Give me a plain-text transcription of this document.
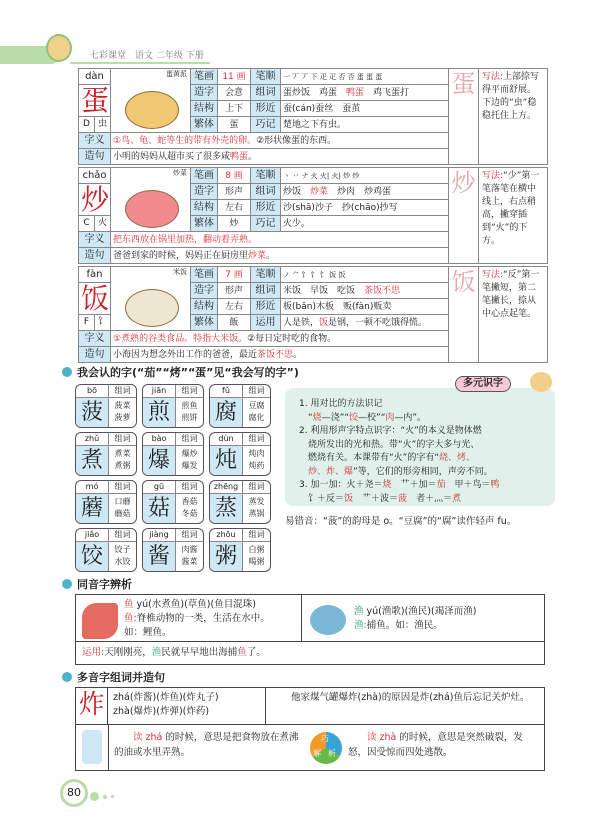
七彩课堂　语文 二年级 下册
dàn	蛋黄派	笔画	11 画	笔顺	一 丆 丆 下 疋 疋 否 否 蛋 蛋 蛋	蛋	写法:上部捺写得平而舒展。下边的“虫”稳稳托住上方。
蛋		造字	会意	组词	蛋炒饭　鸡蛋　鸭蛋　鸡飞蛋打		
		结构	上下	形近	蚕(cán)蚕丝　蚕茧		

D 虫		繁体	蛋	巧记	楚地之下有虫。		
字义	①鸟、龟、蛇等生的带有外壳的卵。②形状像蛋的东西。						
造句	小明的妈妈从超市买了很多咸鸭蛋。						
chǎo	炒菜	笔画	8 画	笔顺	丶 丷 ナ 火 火| 火| 炒 炒	炒	写法:“少”第一笔落笔在横中线上，右点稍高，撇穿插到“火”的下方。
炒		造字	形声	组词	炒饭　炒菜　炒肉　炒鸡蛋		
		结构	左右	形近	沙(shā)沙子　抄(chāo)抄写		

C 火		繁体	炒	巧记	火少。		
字义	把东西放在锅里加热，翻动着弄熟。						
造句	爸爸到家的时候，妈妈正在厨房里炒菜。						
fàn	米饭	笔画	7 画	笔顺	ノ ⺈ 饣 饣 饣 饭 饭	饭	写法:“反”第一笔撇短，第二笔撇长，捺从中心点起笔。
饭		造字	形声	组词	米饭　早饭　吃饭　茶饭不思		
		结构	左右	形近	板(bǎn)木板　贩(fàn)贩卖		

F 饣		繁体	飯	运用	人是铁，饭是钢，一顿不吃饿得慌。		
字义	①煮熟的谷类食品。特指大米饭。②每日定时吃的食物。						
造句	小海因为想念外出工作的爸爸，最近茶饭不思。						
我会认的字(“茄”“烤”“蛋”见“我会写的字”)
bō	组词
菠	菠菜
菠萝
jiān	组词
煎	煎鱼
煎饼
fǔ	组词
腐	豆腐
腐化
zhǔ	组词
煮	煮菜
煮粥
bào	组词
爆	爆炒
爆发
dùn	组词
炖	炖肉
炖药
mó	组词
蘑	口蘑
蘑菇
gū	组词
菇	香菇
冬菇
zhēng	组词
蒸	蒸发
蒸锅
jiǎo	组词
饺	饺子
水饺
jiàng	组词
酱	肉酱
酱菜
zhōu	组词
粥	白粥
喝粥
1. 用对比的方法识记
　“烧—浇”“饺—校”“肉—内”。
2. 利用形声字特点识字：“火”的本义是物体燃
　烧所发出的光和热。带“火”的字大多与光、
　燃烧有关。本课带有“火”的字有“烧、烤、
　炒、炸、爆”等，它们的形旁相同，声旁不同。
3. 加一加：火＋尧＝烧　艹＋加＝茄　甲＋鸟＝鸭
　饣＋反＝饭　艹＋波＝菠　者＋灬＝煮
多元识字
易错音：“菠”的韵母是 o。“豆腐”的“腐”读作轻声 fu。
同音字辨析
鱼 yú(水煮鱼)(草鱼)(鱼目混珠)
鱼:脊椎动物的一类，生活在水中。
如：鲤鱼。
渔 yú(渔歌)(渔民)(竭泽而渔)
渔:捕鱼。如：渔民。
运用:天刚刚亮，渔民就早早地出海捕鱼了。
多音字组词并造句
炸 zhá(炸酱)(炸鱼)(炸丸子)
zhà(爆炸)(炸弹)(炸药)
他家煤气罐爆炸(zhà)的原因是炸(zhá)鱼后忘记关炉灶。
读 zhá 的时候，意思是把食物放在煮沸的油或水里弄熟。
巧
解 析
读 zhà 的时候，意思是突然破裂，发怒，因受惊而四处逃散。
80
